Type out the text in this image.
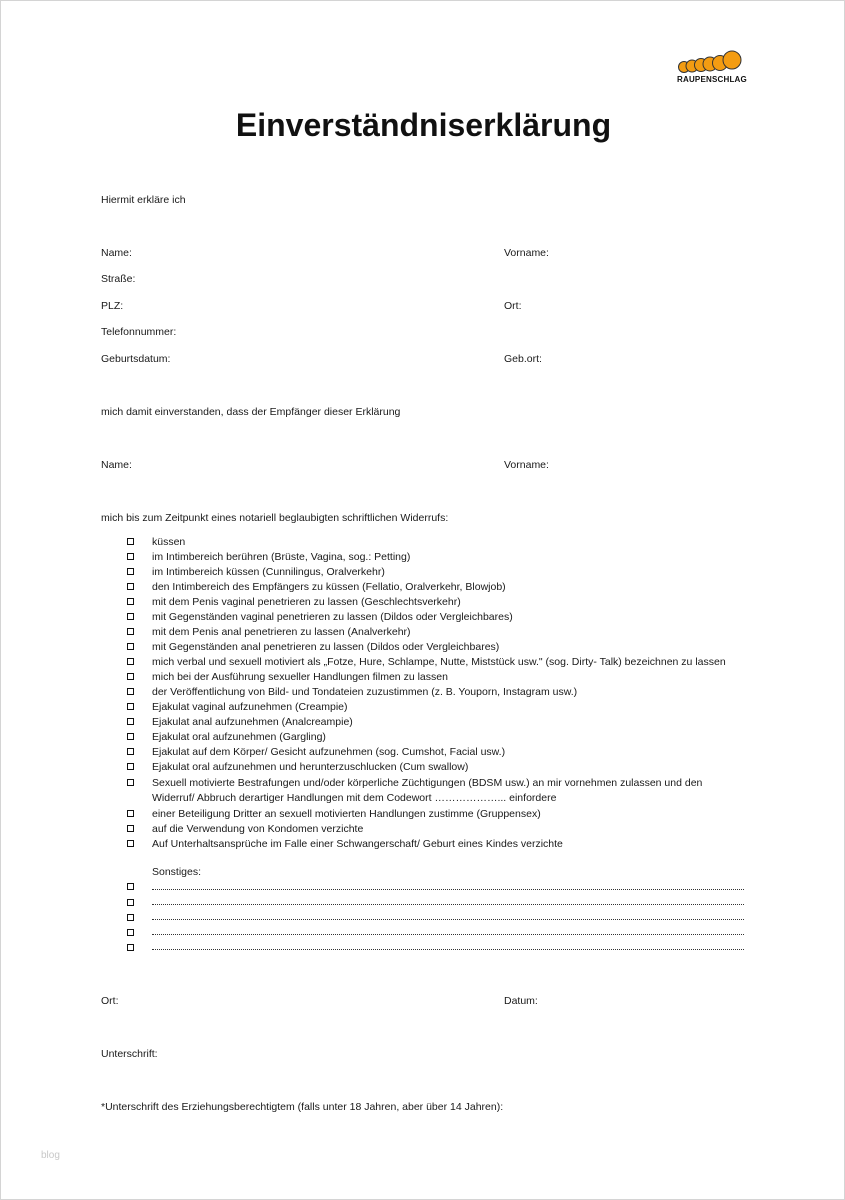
RAUPENSCHLAG
Einverständniserklärung
Hiermit erkläre ich
Name:	Vorname:
Straße:
PLZ:	Ort:
Telefonnummer:
Geburtsdatum:	Geb.ort:
mich damit einverstanden, dass der Empfänger dieser Erklärung
Name:	Vorname:
mich bis zum Zeitpunkt eines notariell beglaubigten schriftlichen Widerrufs:
küssen
im Intimbereich berühren (Brüste, Vagina, sog.: Petting)
im Intimbereich küssen (Cunnilingus, Oralverkehr)
den Intimbereich des Empfängers zu küssen (Fellatio, Oralverkehr, Blowjob)
mit dem Penis vaginal penetrieren zu lassen (Geschlechtsverkehr)
mit Gegenständen vaginal penetrieren zu lassen (Dildos oder Vergleichbares)
mit dem Penis anal penetrieren zu lassen (Analverkehr)
mit Gegenständen anal penetrieren zu lassen (Dildos oder Vergleichbares)
mich verbal und sexuell motiviert als „Fotze, Hure, Schlampe, Nutte, Miststück usw." (sog. Dirty- Talk) bezeichnen zu lassen
mich bei der Ausführung sexueller Handlungen filmen zu lassen
der Veröffentlichung von Bild- und Tondateien zuzustimmen (z. B. Youporn, Instagram usw.)
Ejakulat vaginal aufzunehmen (Creampie)
Ejakulat anal aufzunehmen (Analcreampie)
Ejakulat oral aufzunehmen (Gargling)
Ejakulat auf dem Körper/ Gesicht aufzunehmen (sog. Cumshot, Facial usw.)
Ejakulat oral aufzunehmen und herunterzuschlucken (Cum swallow)
Sexuell motivierte Bestrafungen und/oder körperliche Züchtigungen (BDSM usw.) an mir vornehmen zulassen und den
Widerruf/ Abbruch derartiger Handlungen mit dem Codewort ………………... einfordere
einer Beteiligung Dritter an sexuell motivierten Handlungen zustimme (Gruppensex)
auf die Verwendung von Kondomen verzichte
Auf Unterhaltsansprüche im Falle einer Schwangerschaft/ Geburt eines Kindes verzichte
Sonstiges:
Ort:	Datum:
Unterschrift:
*Unterschrift des Erziehungsberechtigtem (falls unter 18 Jahren, aber über 14 Jahren):
blog
